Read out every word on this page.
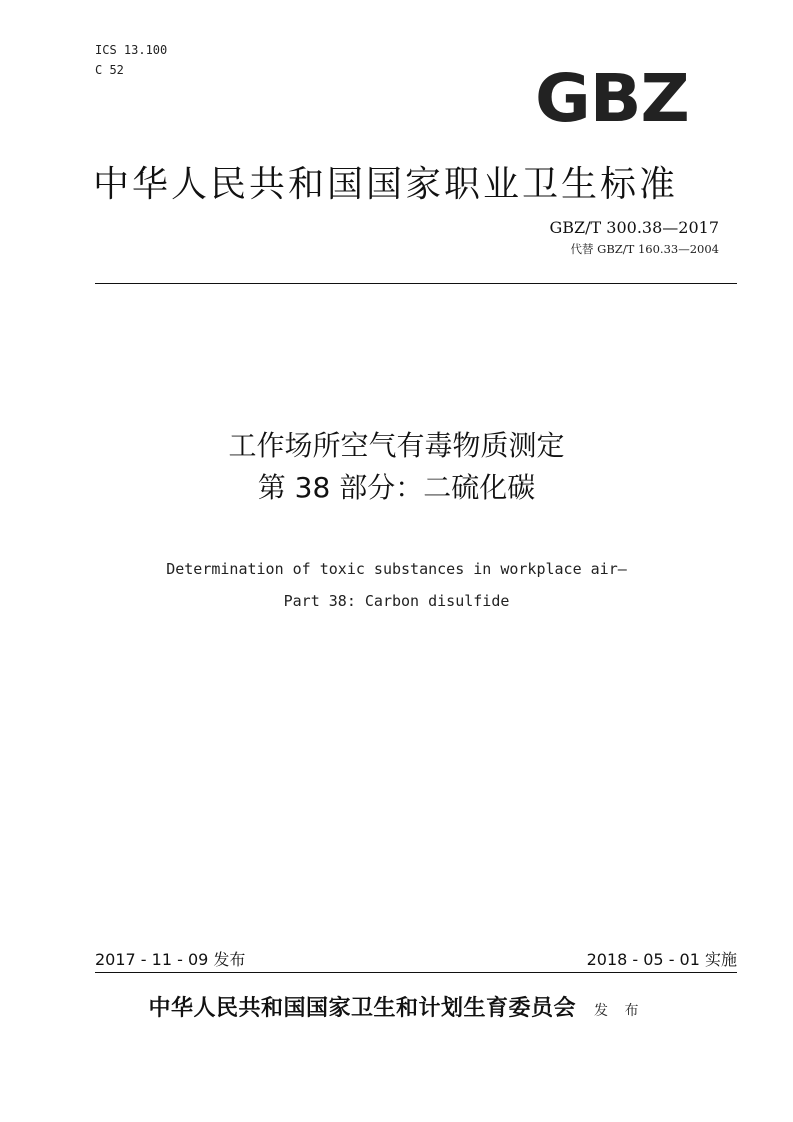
ICS 13.100
C 52	GBZ
中华人民共和国国家职业卫生标准
GBZ/T 300.38—2017
代替 GBZ/T 160.33—2004
工作场所空气有毒物质测定
第 38 部分：二硫化碳
Determination of toxic substances in workplace air—
Part 38: Carbon disulfide
2017 - 11 - 09 发布	2018 - 05 - 01 实施
中华人民共和国国家卫生和计划生育委员会 发 布
